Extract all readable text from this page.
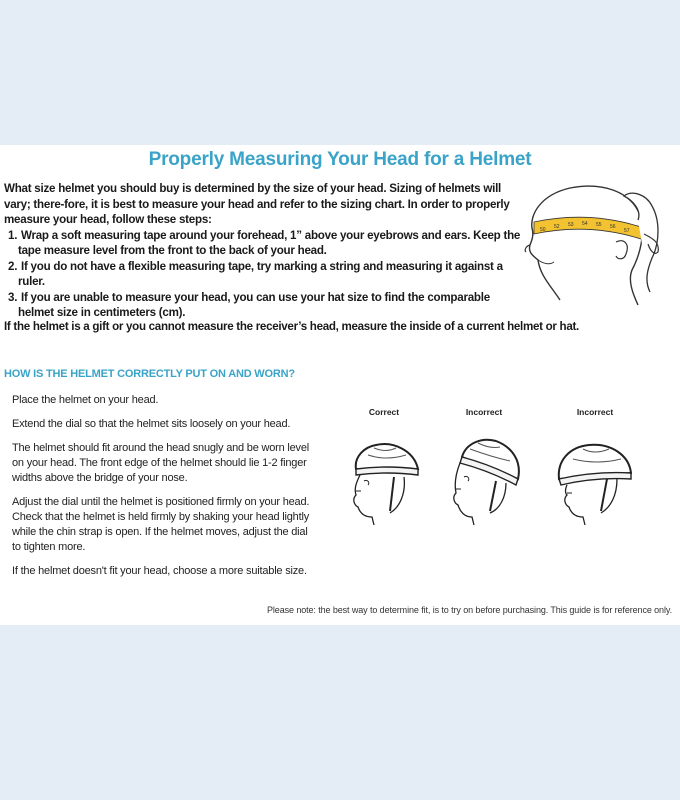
Properly Measuring Your Head for a Helmet
What size helmet you should buy is determined by the size of your head. Sizing of helmets will vary; there-fore, it is best to measure your head and refer to the sizing chart. In order to properly measure your head, follow these steps:
1. Wrap a soft measuring tape around your forehead, 1” above your eyebrows and ears. Keep the tape measure level from the front to the back of your head.
2. If you do not have a flexible measuring tape, try marking a string and measuring it against a ruler.
3. If you are unable to measure your head, you can use your hat size to find the comparable helmet size in centimeters (cm).
50 52 53 54 55 56
57
If the helmet is a gift or you cannot measure the receiver’s head, measure the inside of a current helmet or hat.
HOW IS THE HELMET CORRECTLY PUT ON AND WORN?

Place the helmet on your head.

Extend the dial so that the helmet sits loosely on your head.

The helmet should fit around the head snugly and be worn level on your head. The front edge of the helmet should lie 1-2 finger widths above the bridge of your nose.

Adjust the dial until the helmet is positioned firmly on your head. Check that the helmet is held firmly by shaking your head lightly while the chin strap is open. If the helmet moves, adjust the dial to tighten more.

If the helmet doesn't fit your head, choose a more suitable size.

Correct	Incorrect	Incorrect
Please note: the best way to determine fit, is to try on before purchasing. This guide is for reference only.
